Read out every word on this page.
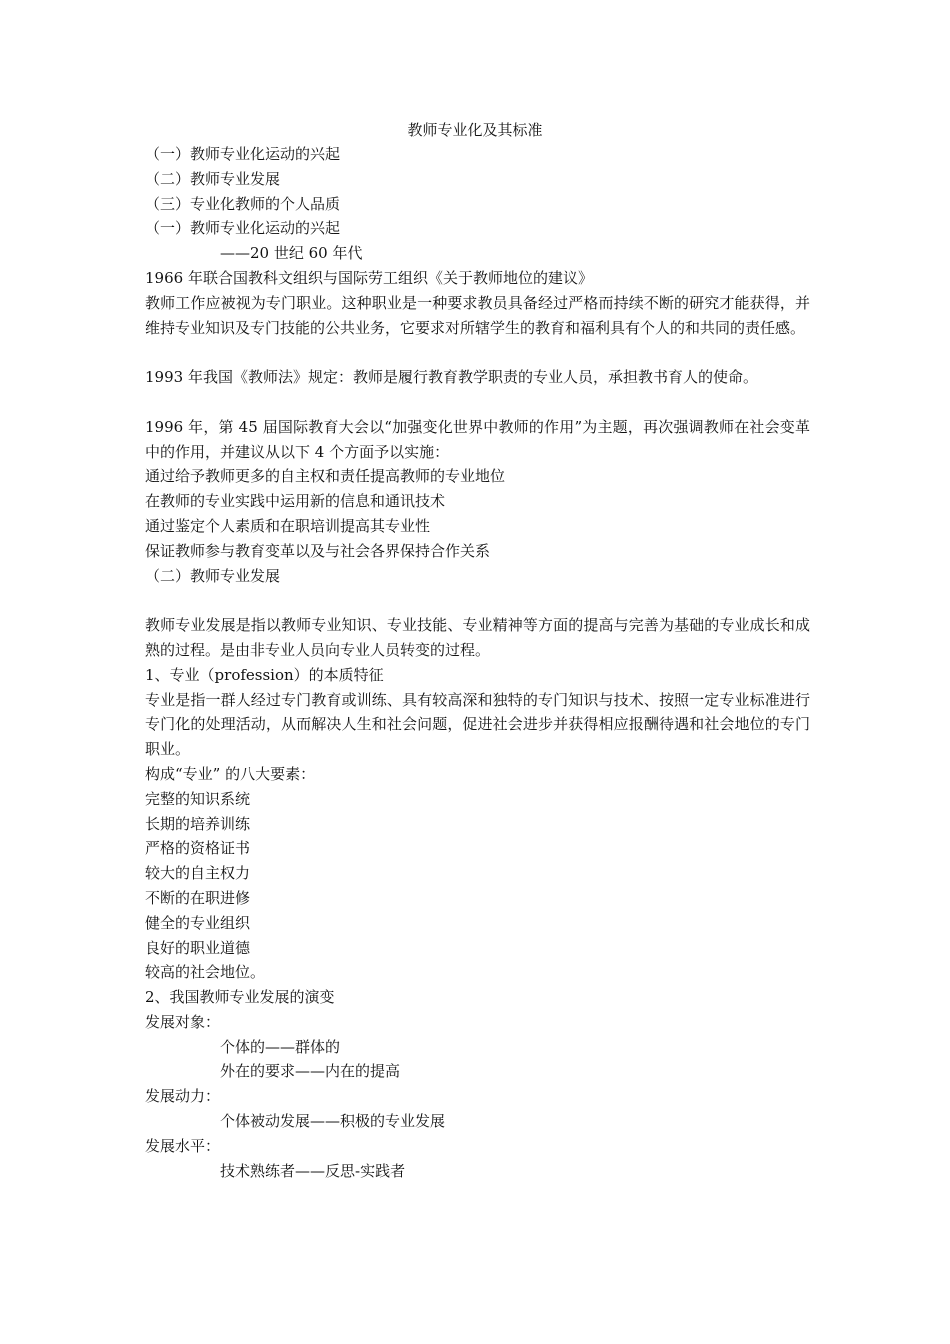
教师专业化及其标准
（一）教师专业化运动的兴起
（二）教师专业发展
（三）专业化教师的个人品质
（一）教师专业化运动的兴起
——20 世纪 60 年代
1966 年联合国教科文组织与国际劳工组织《关于教师地位的建议》
教师工作应被视为专门职业。这种职业是一种要求教员具备经过严格而持续不断的研究才能获得，并维持专业知识及专门技能的公共业务，它要求对所辖学生的教育和福利具有个人的和共同的责任感。
1993 年我国《教师法》规定：教师是履行教育教学职责的专业人员，承担教书育人的使命。
1996 年，第 45 届国际教育大会以“加强变化世界中教师的作用”为主题，再次强调教师在社会变革中的作用，并建议从以下 4 个方面予以实施：
通过给予教师更多的自主权和责任提高教师的专业地位
在教师的专业实践中运用新的信息和通讯技术
通过鉴定个人素质和在职培训提高其专业性
保证教师参与教育变革以及与社会各界保持合作关系
（二）教师专业发展
教师专业发展是指以教师专业知识、专业技能、专业精神等方面的提高与完善为基础的专业成长和成熟的过程。是由非专业人员向专业人员转变的过程。
1、专业（profession）的本质特征
专业是指一群人经过专门教育或训练、具有较高深和独特的专门知识与技术、按照一定专业标准进行专门化的处理活动，从而解决人生和社会问题，促进社会进步并获得相应报酬待遇和社会地位的专门职业。
构成“专业” 的八大要素：
完整的知识系统
长期的培养训练
严格的资格证书
较大的自主权力
不断的在职进修
健全的专业组织
良好的职业道德
较高的社会地位。
2、我国教师专业发展的演变
发展对象：
个体的——群体的
外在的要求——内在的提高
发展动力：
个体被动发展——积极的专业发展
发展水平：
技术熟练者——反思-实践者
